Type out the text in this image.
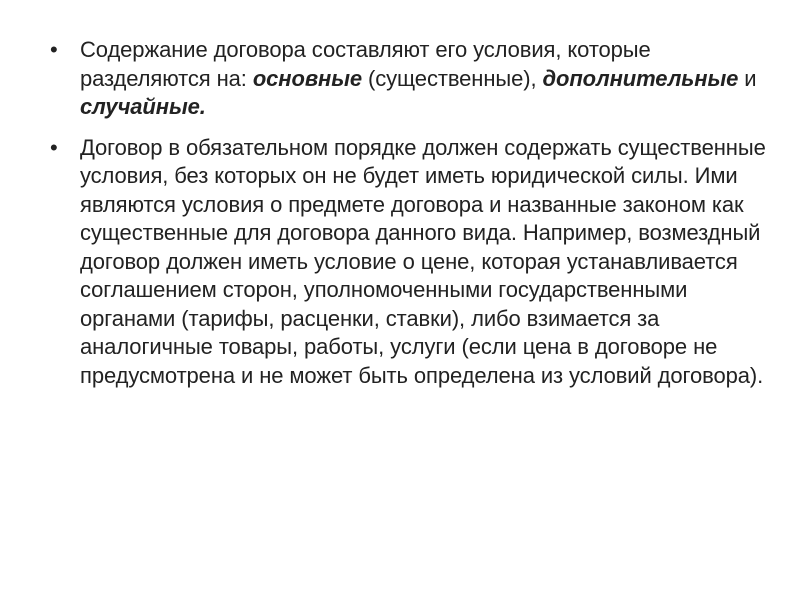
• Содержание договора составляют его условия, которые разделяются на: основные (существенные), дополнительные и случайные.
• Договор в обязательном порядке должен содержать существенные условия, без которых он не будет иметь юридической силы. Ими являются условия о предмете договора и названные законом как существенные для договора данного вида. Например, возмездный договор должен иметь условие о цене, которая устанавливается соглашением сторон, уполномоченными государственными органами (тарифы, расценки, ставки), либо взимается за аналогичные товары, работы, услуги (если цена в договоре не предусмотрена и не может быть определена из условий договора).
